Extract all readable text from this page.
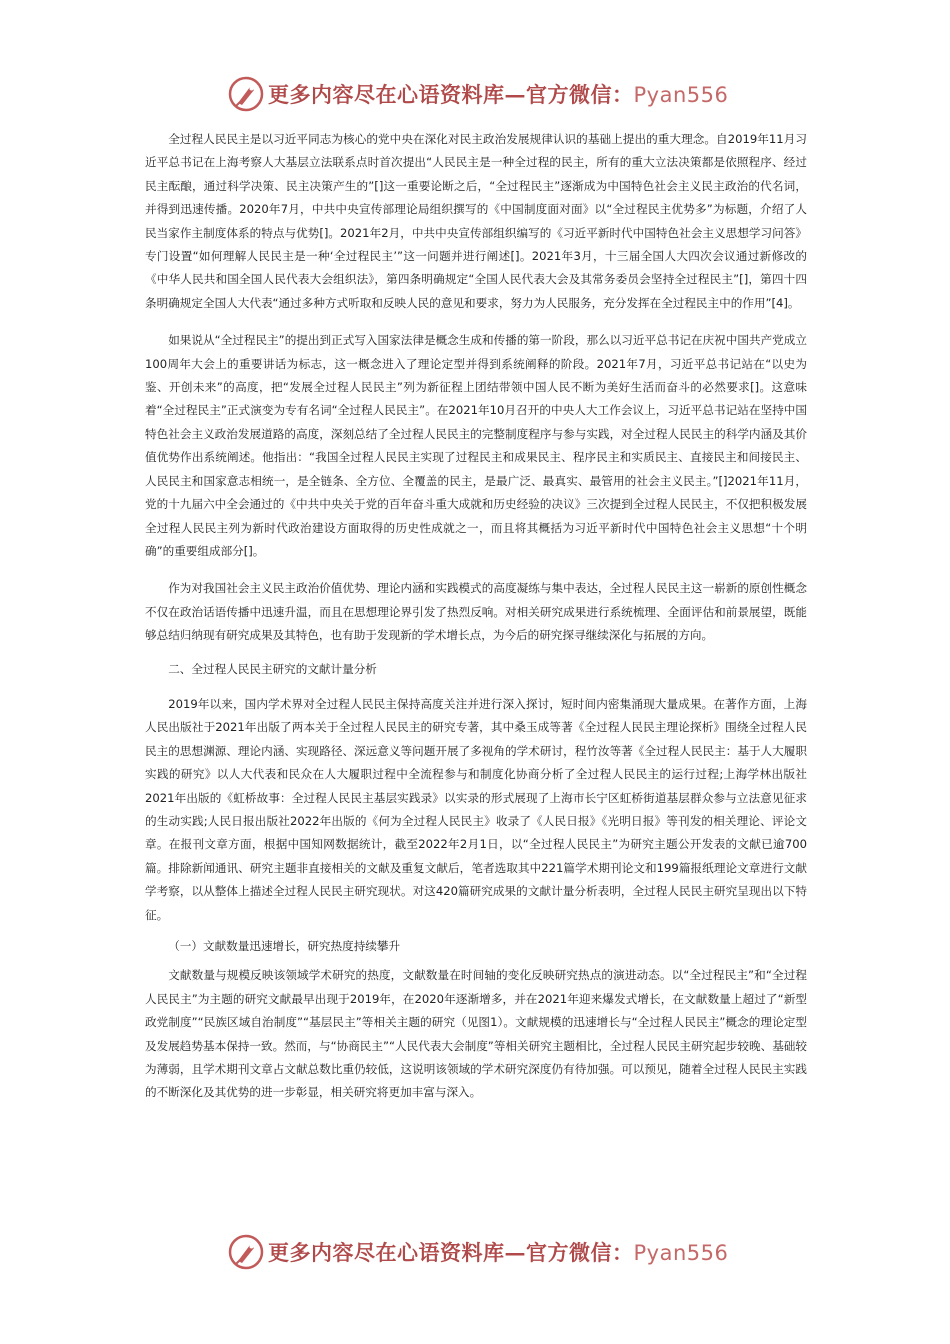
更多内容尽在心语资料库—官方微信：Pyan556

全过程人民民主是以习近平同志为核心的党中央在深化对民主政治发展规律认识的基础上提出的重大理念。自2019年11月习近平总书记在上海考察人大基层立法联系点时首次提出“人民民主是一种全过程的民主，所有的重大立法决策都是依照程序、经过民主酝酿，通过科学决策、民主决策产生的”[]这一重要论断之后，“全过程民主”逐渐成为中国特色社会主义民主政治的代名词，并得到迅速传播。2020年7月，中共中央宣传部理论局组织撰写的《中国制度面对面》以“全过程民主优势多”为标题，介绍了人民当家作主制度体系的特点与优势[]。2021年2月，中共中央宣传部组织编写的《习近平新时代中国特色社会主义思想学习问答》专门设置“如何理解人民民主是一种‘全过程民主’”这一问题并进行阐述[]。2021年3月，十三届全国人大四次会议通过新修改的《中华人民共和国全国人民代表大会组织法》，第四条明确规定“全国人民代表大会及其常务委员会坚持全过程民主”[]，第四十四条明确规定全国人大代表“通过多种方式听取和反映人民的意见和要求，努力为人民服务，充分发挥在全过程民主中的作用”[4]。

如果说从“全过程民主”的提出到正式写入国家法律是概念生成和传播的第一阶段，那么以习近平总书记在庆祝中国共产党成立100周年大会上的重要讲话为标志，这一概念进入了理论定型并得到系统阐释的阶段。2021年7月，习近平总书记站在“以史为鉴、开创未来”的高度，把“发展全过程人民民主”列为新征程上团结带领中国人民不断为美好生活而奋斗的必然要求[]。这意味着“全过程民主”正式演变为专有名词“全过程人民民主”。在2021年10月召开的中央人大工作会议上，习近平总书记站在坚持中国特色社会主义政治发展道路的高度，深刻总结了全过程人民民主的完整制度程序与参与实践，对全过程人民民主的科学内涵及其价值优势作出系统阐述。他指出：“我国全过程人民民主实现了过程民主和成果民主、程序民主和实质民主、直接民主和间接民主、人民民主和国家意志相统一，是全链条、全方位、全覆盖的民主，是最广泛、最真实、最管用的社会主义民主。”[]2021年11月，党的十九届六中全会通过的《中共中央关于党的百年奋斗重大成就和历史经验的决议》三次提到全过程人民民主，不仅把积极发展全过程人民民主列为新时代政治建设方面取得的历史性成就之一，而且将其概括为习近平新时代中国特色社会主义思想“十个明确”的重要组成部分[]。

作为对我国社会主义民主政治价值优势、理论内涵和实践模式的高度凝练与集中表达，全过程人民民主这一崭新的原创性概念不仅在政治话语传播中迅速升温，而且在思想理论界引发了热烈反响。对相关研究成果进行系统梳理、全面评估和前景展望，既能够总结归纳现有研究成果及其特色，也有助于发现新的学术增长点，为今后的研究探寻继续深化与拓展的方向。

二、全过程人民民主研究的文献计量分析

2019年以来，国内学术界对全过程人民民主保持高度关注并进行深入探讨，短时间内密集涌现大量成果。在著作方面，上海人民出版社于2021年出版了两本关于全过程人民民主的研究专著，其中桑玉成等著《全过程人民民主理论探析》围绕全过程人民民主的思想渊源、理论内涵、实现路径、深远意义等问题开展了多视角的学术研讨，程竹汝等著《全过程人民民主：基于人大履职实践的研究》以人大代表和民众在人大履职过程中全流程参与和制度化协商分析了全过程人民民主的运行过程;上海学林出版社2021年出版的《虹桥故事：全过程人民民主基层实践录》以实录的形式展现了上海市长宁区虹桥街道基层群众参与立法意见征求的生动实践;人民日报出版社2022年出版的《何为全过程人民民主》收录了《人民日报》《光明日报》等刊发的相关理论、评论文章。在报刊文章方面，根据中国知网数据统计，截至2022年2月1日，以“全过程人民民主”为研究主题公开发表的文献已逾700篇。排除新闻通讯、研究主题非直接相关的文献及重复文献后，笔者选取其中221篇学术期刊论文和199篇报纸理论文章进行文献学考察，以从整体上描述全过程人民民主研究现状。对这420篇研究成果的文献计量分析表明，全过程人民民主研究呈现出以下特征。

（一）文献数量迅速增长，研究热度持续攀升

文献数量与规模反映该领域学术研究的热度，文献数量在时间轴的变化反映研究热点的演进动态。以“全过程民主”和“全过程人民民主”为主题的研究文献最早出现于2019年，在2020年逐渐增多，并在2021年迎来爆发式增长，在文献数量上超过了“新型政党制度”“民族区域自治制度”“基层民主”等相关主题的研究（见图1）。文献规模的迅速增长与“全过程人民民主”概念的理论定型及发展趋势基本保持一致。然而，与“协商民主”“人民代表大会制度”等相关研究主题相比，全过程人民民主研究起步较晚、基础较为薄弱，且学术期刊文章占文献总数比重仍较低，这说明该领域的学术研究深度仍有待加强。可以预见，随着全过程人民民主实践的不断深化及其优势的进一步彰显，相关研究将更加丰富与深入。

更多内容尽在心语资料库—官方微信：Pyan556
